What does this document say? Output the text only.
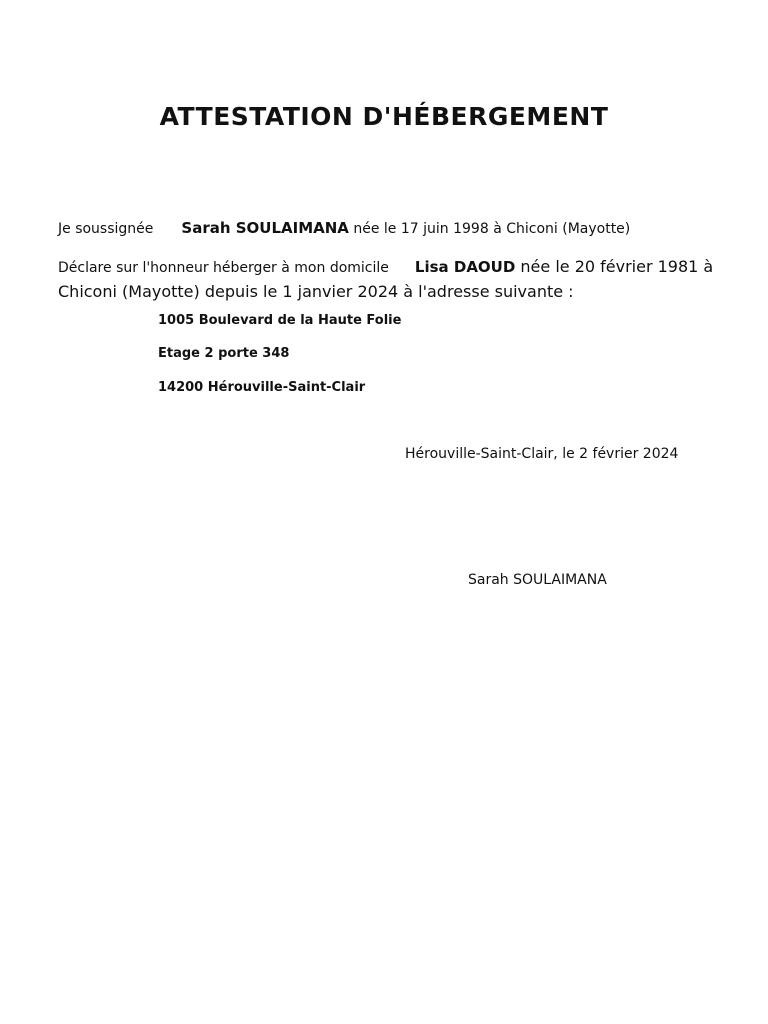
ATTESTATION D'HÉBERGEMENT
Je soussignée Sarah SOULAIMANA née le 17 juin 1998 à Chiconi (Mayotte)
Déclare sur l'honneur héberger à mon domicile Lisa DAOUD née le 20 février 1981 à Chiconi (Mayotte) depuis le 1 janvier 2024 à l'adresse suivante :
1005 Boulevard de la Haute Folie
Etage 2 porte 348
14200 Hérouville-Saint-Clair
Hérouville-Saint-Clair, le 2 février 2024
Sarah SOULAIMANA
